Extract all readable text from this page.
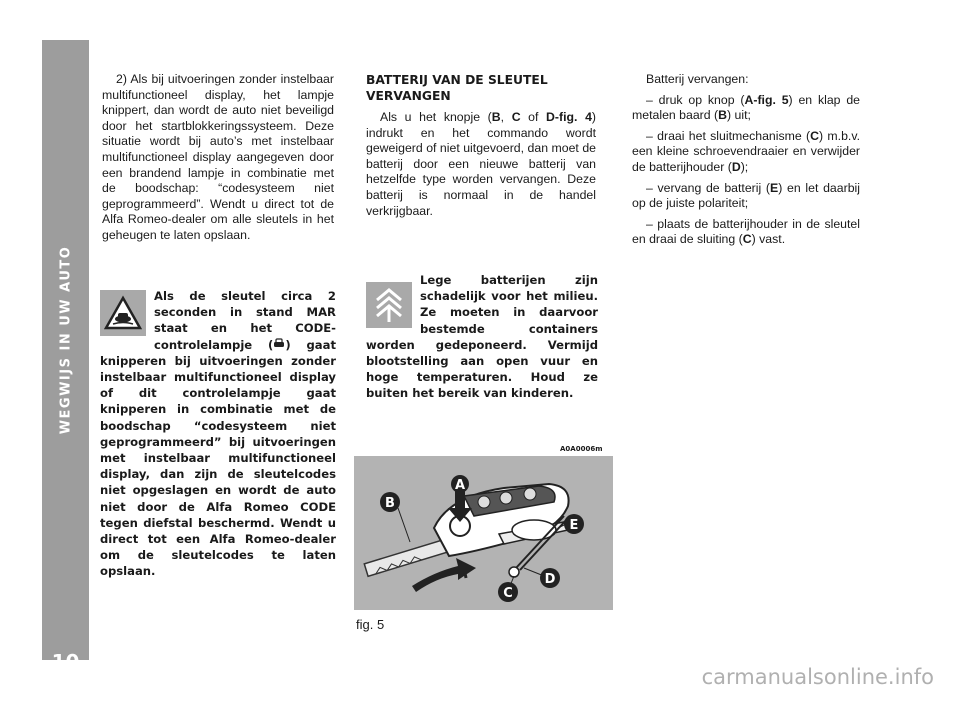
WEGWIJS IN UW AUTO
10

2) Als bij uitvoeringen zonder instelbaar multifunctioneel display, het lampje knippert, dan wordt de auto niet beveiligd door het startblokkeringssysteem. Deze situatie wordt bij auto’s met instelbaar multifunctioneel display aangegeven door een brandend lampje in combinatie met de boodschap: “codesysteem niet geprogrammeerd”. Wendt u direct tot de Alfa Romeo-dealer om alle sleutels in het geheugen te laten opslaan.

Als de sleutel circa 2 seconden in stand MAR staat en het CODE-controlelampje ( ) gaat knipperen bij uitvoeringen zonder instelbaar multifunctioneel display of dit controlelampje gaat knipperen in combinatie met de boodschap “codesysteem niet geprogrammeerd” bij uitvoeringen met instelbaar multifunctioneel display, dan zijn de sleutelcodes niet opgeslagen en wordt de auto niet door de Alfa Romeo CODE tegen diefstal beschermd. Wendt u direct tot een Alfa Romeo-dealer om de sleutelcodes te laten opslaan.
BATTERIJ VAN DE SLEUTEL VERVANGEN

Als u het knopje (B, C of D-fig. 4) indrukt en het commando wordt geweigerd of niet uitgevoerd, dan moet de batterij door een nieuwe batterij van hetzelfde type worden vervangen. Deze batterij is normaal in de handel verkrijgbaar.

Lege batterijen zijn schadelijk voor het milieu. Ze moeten in daarvoor bestemde containers worden gedeponeerd. Vermijd blootstelling aan open vuur en hoge temperaturen. Houd ze buiten het bereik van kinderen.

Batterij vervangen:

– druk op knop (A-fig. 5) en klap de metalen baard (B) uit;

– draai het sluitmechanisme (C) m.b.v. een kleine schroevendraaier en verwijder de batterijhouder (D);

– vervang de batterij (E) en let daarbij op de juiste polariteit;

– plaats de batterijhouder in de sleutel en draai de sluiting (C) vast.

A0A0006m
A
B
E
D
C
fig. 5
carmanualsonline.info
